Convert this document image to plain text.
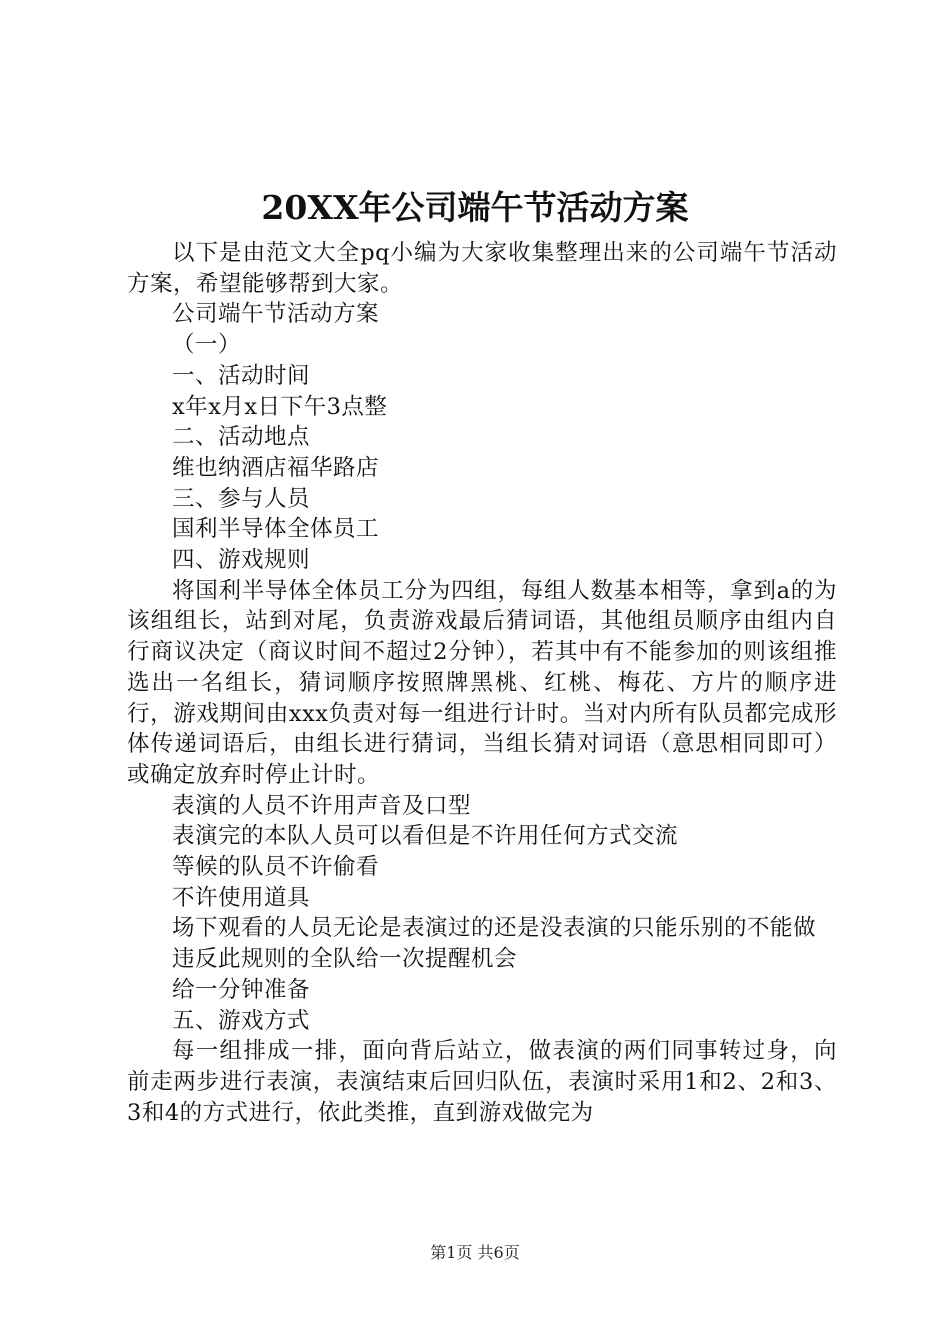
20XX年公司端午节活动方案

以下是由范文大全pq小编为大家收集整理出来的公司端午节活动方案，希望能够帮到大家。

公司端午节活动方案

（一）

一、活动时间

x年x月x日下午3点整

二、活动地点

维也纳酒店福华路店

三、参与人员

国利半导体全体员工

四、游戏规则

将国利半导体全体员工分为四组，每组人数基本相等，拿到a的为该组组长，站到对尾，负责游戏最后猜词语，其他组员顺序由组内自行商议决定（商议时间不超过2分钟），若其中有不能参加的则该组推选出一名组长，猜词顺序按照牌黑桃、红桃、梅花、方片的顺序进行，游戏期间由xxx负责对每一组进行计时。当对内所有队员都完成形体传递词语后，由组长进行猜词，当组长猜对词语（意思相同即可）或确定放弃时停止计时。

表演的人员不许用声音及口型

表演完的本队人员可以看但是不许用任何方式交流

等候的队员不许偷看

不许使用道具

场下观看的人员无论是表演过的还是没表演的只能乐别的不能做

违反此规则的全队给一次提醒机会

给一分钟准备

五、游戏方式

每一组排成一排，面向背后站立，做表演的两们同事转过身，向前走两步进行表演，表演结束后回归队伍，表演时采用1和2、2和3、3和4的方式进行，依此类推，直到游戏做完为

第1页 共6页
